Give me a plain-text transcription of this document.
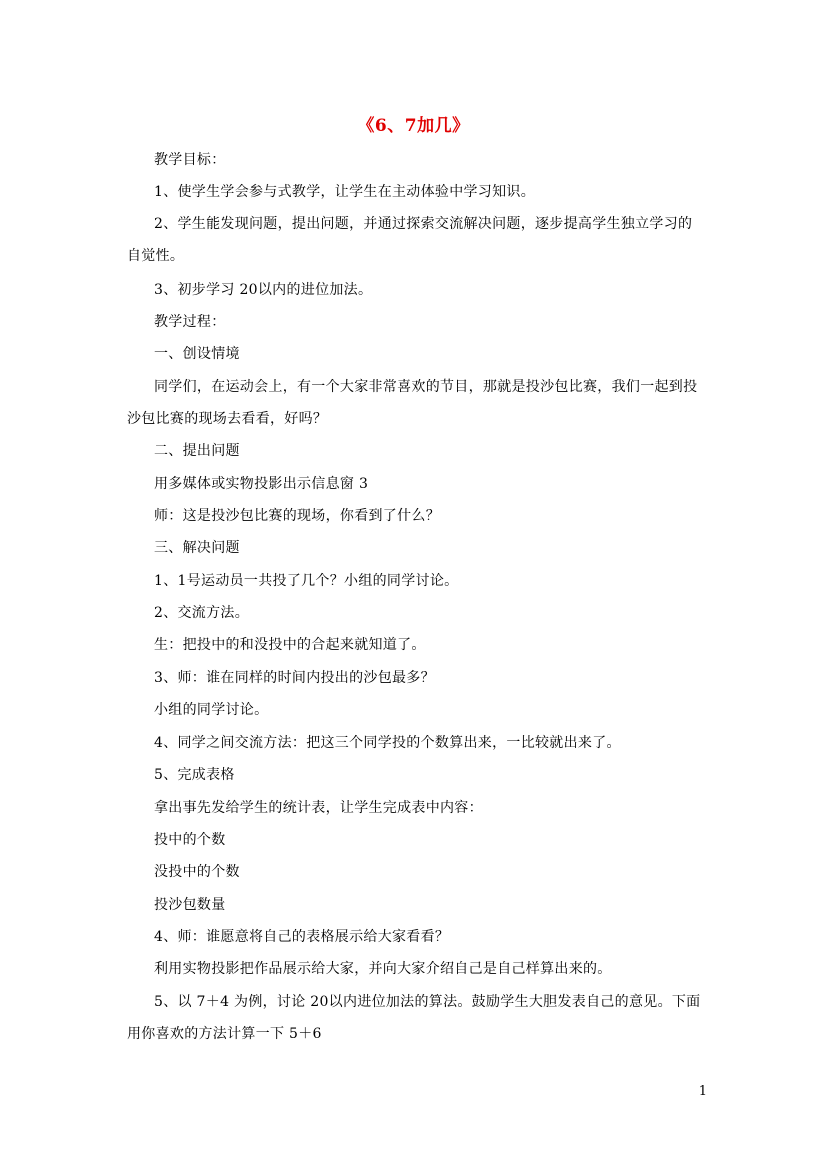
《6、7加几》
教学目标：
1、使学生学会参与式教学，让学生在主动体验中学习知识。
2、学生能发现问题，提出问题，并通过探索交流解决问题，逐步提高学生独立学习的
自觉性。
3、初步学习 20以内的进位加法。
教学过程：
一、创设情境
同学们，在运动会上，有一个大家非常喜欢的节目，那就是投沙包比赛，我们一起到投
沙包比赛的现场去看看，好吗？
二、提出问题
用多媒体或实物投影出示信息窗 3
师：这是投沙包比赛的现场，你看到了什么？
三、解决问题
1、1号运动员一共投了几个？小组的同学讨论。
2、交流方法。
生：把投中的和没投中的合起来就知道了。
3、师：谁在同样的时间内投出的沙包最多？
小组的同学讨论。
4、同学之间交流方法：把这三个同学投的个数算出来，一比较就出来了。
5、完成表格
拿出事先发给学生的统计表，让学生完成表中内容：
投中的个数
没投中的个数
投沙包数量
4、师：谁愿意将自己的表格展示给大家看看？
利用实物投影把作品展示给大家，并向大家介绍自己是自己样算出来的。
5、以 7＋4 为例，讨论 20以内进位加法的算法。鼓励学生大胆发表自己的意见。下面
用你喜欢的方法计算一下 5＋6
1
